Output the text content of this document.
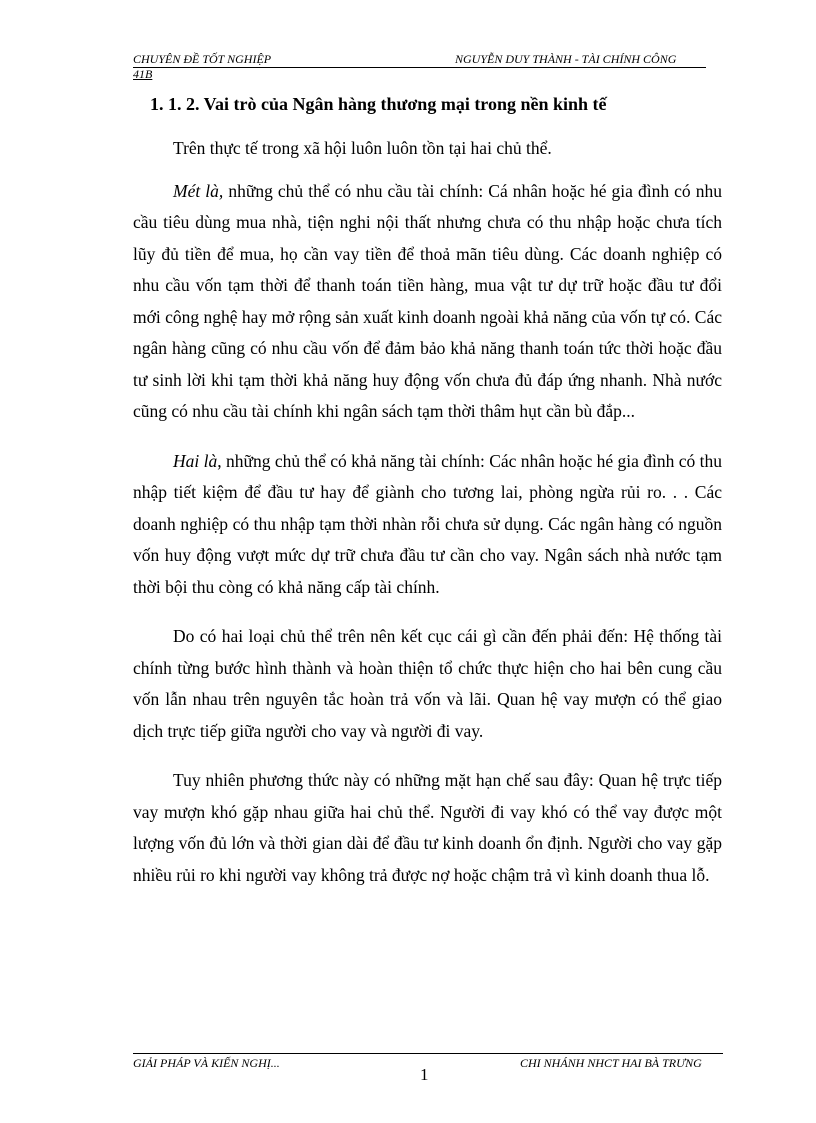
CHUYÊN ĐỀ TỐT NGHIỆP	NGUYỄN DUY THÀNH - TÀI CHÍNH CÔNG
41B
1. 1. 2. Vai trò của Ngân hàng thương mại trong nền kinh tế

Trên thực tế trong xã hội luôn luôn tồn tại hai chủ thể.

Mét là, những chủ thể có nhu cầu tài chính: Cá nhân hoặc hé gia đình có nhu cầu tiêu dùng mua nhà, tiện nghi nội thất nhưng chưa có thu nhập hoặc chưa tích lũy đủ tiền để mua, họ cần vay tiền để thoả mãn tiêu dùng. Các doanh nghiệp có nhu cầu vốn tạm thời để thanh toán tiền hàng, mua vật tư dự trữ hoặc đầu tư đổi mới công nghệ hay mở rộng sản xuất kinh doanh ngoài khả năng của vốn tự có. Các ngân hàng cũng có nhu cầu vốn để đảm bảo khả năng thanh toán tức thời hoặc đầu tư sinh lời khi tạm thời khả năng huy động vốn chưa đủ đáp ứng nhanh. Nhà nước cũng có nhu cầu tài chính khi ngân sách tạm thời thâm hụt cần bù đắp...

Hai là, những chủ thể có khả năng tài chính: Các nhân hoặc hé gia đình có thu nhập tiết kiệm để đầu tư hay để giành cho tương lai, phòng ngừa rủi ro. . . Các doanh nghiệp có thu nhập tạm thời nhàn rỗi chưa sử dụng. Các ngân hàng có nguồn vốn huy động vượt mức dự trữ chưa đầu tư cần cho vay. Ngân sách nhà nước tạm thời bội thu còng có khả năng cấp tài chính.

Do có hai loại chủ thể trên nên kết cục cái gì cần đến phải đến: Hệ thống tài chính từng bước hình thành và hoàn thiện tổ chức thực hiện cho hai bên cung cầu vốn lẫn nhau trên nguyên tắc hoàn trả vốn và lãi. Quan hệ vay mượn có thể giao dịch trực tiếp giữa người cho vay và người đi vay.

Tuy nhiên phương thức này có những mặt hạn chế sau đây: Quan hệ trực tiếp vay mượn khó gặp nhau giữa hai chủ thể. Người đi vay khó có thể vay được một lượng vốn đủ lớn và thời gian dài để đầu tư kinh doanh ổn định. Người cho vay gặp nhiều rủi ro khi người vay không trả được nợ hoặc chậm trả vì kinh doanh thua lỗ.

GIẢI PHÁP VÀ KIẾN NGHỊ...	CHI NHÁNH NHCT HAI BÀ TRƯNG
1
